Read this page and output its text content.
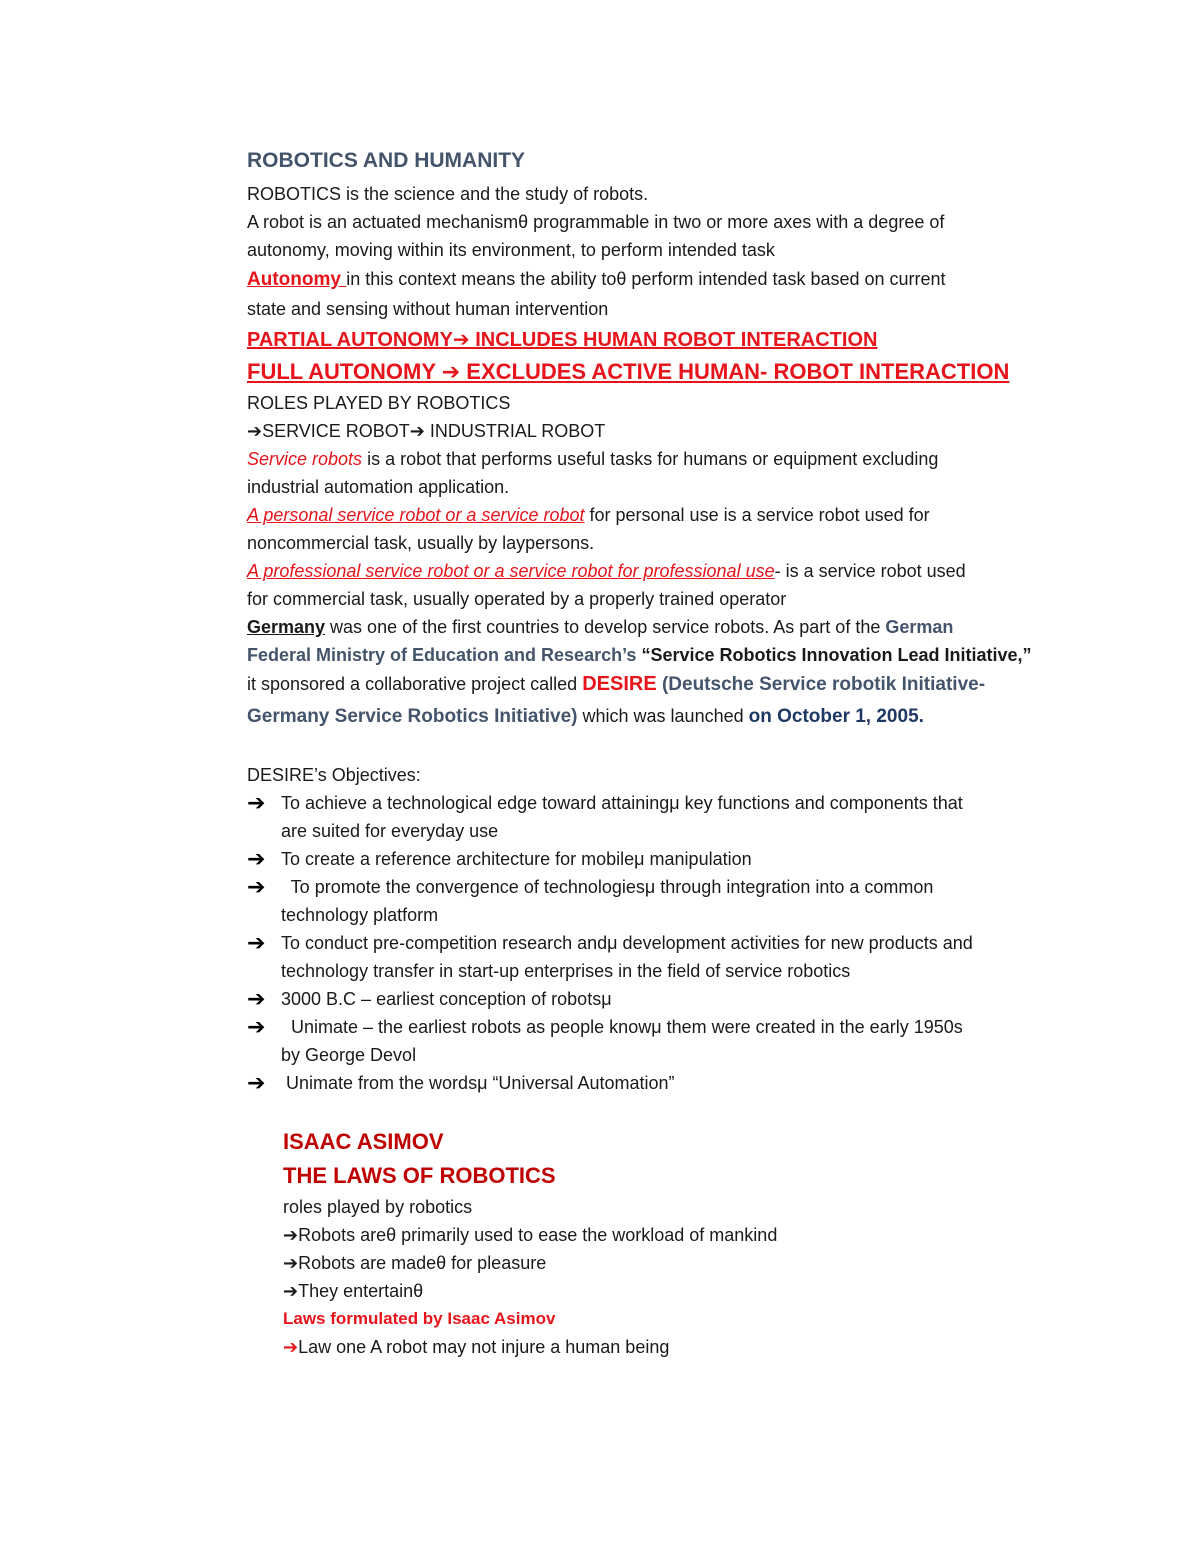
ROBOTICS AND HUMANITY
ROBOTICS is the science and the study of robots.
A robot is an actuated mechanismθ programmable in two or more axes with a degree of
autonomy, moving within its environment, to perform intended task
Autonomy in this context means the ability toθ perform intended task based on current
state and sensing without human intervention
PARTIAL AUTONOMY➔ INCLUDES HUMAN ROBOT INTERACTION
FULL AUTONOMY ➔ EXCLUDES ACTIVE HUMAN- ROBOT INTERACTION
ROLES PLAYED BY ROBOTICS
➔SERVICE ROBOT➔ INDUSTRIAL ROBOT
Service robots is a robot that performs useful tasks for humans or equipment excluding
industrial automation application.
A personal service robot or a service robot for personal use is a service robot used for
noncommercial task, usually by laypersons.
A professional service robot or a service robot for professional use- is a service robot used
for commercial task, usually operated by a properly trained operator
Germany was one of the first countries to develop service robots. As part of the German
Federal Ministry of Education and Research’s “Service Robotics Innovation Lead Initiative,”
it sponsored a collaborative project called DESIRE (Deutsche Service robotik Initiative-
Germany Service Robotics Initiative) which was launched on October 1, 2005.
DESIRE’s Objectives:
➔ To achieve a technological edge toward attainingμ key functions and components that
are suited for everyday use
➔ To create a reference architecture for mobileμ manipulation
➔ To promote the convergence of technologiesμ through integration into a common
technology platform
➔ To conduct pre-competition research andμ development activities for new products and
technology transfer in start-up enterprises in the field of service robotics
➔ 3000 B.C – earliest conception of robotsμ
➔ Unimate – the earliest robots as people knowμ them were created in the early 1950s
by George Devol
➔ Unimate from the wordsμ “Universal Automation”
ISAAC ASIMOV
THE LAWS OF ROBOTICS
roles played by robotics
➔Robots areθ primarily used to ease the workload of mankind
➔Robots are madeθ for pleasure
➔They entertainθ
Laws formulated by Isaac Asimov
➔Law one A robot may not injure a human being
